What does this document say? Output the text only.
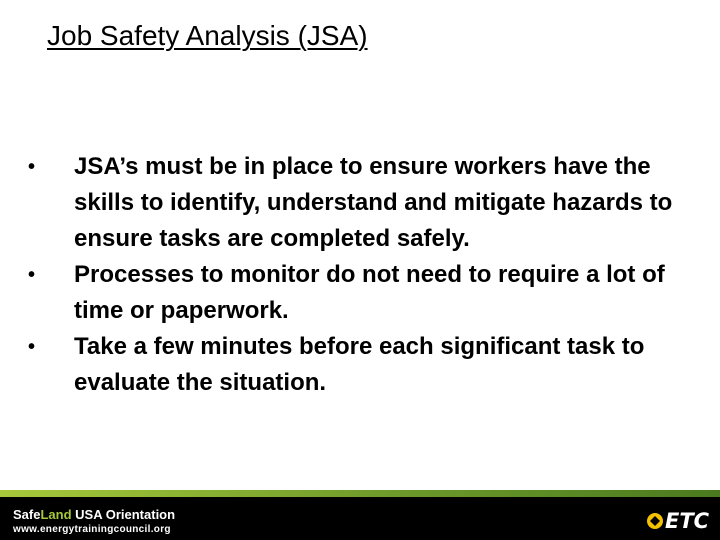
Job Safety Analysis (JSA)
•	JSA’s must be in place to ensure workers have the skills to identify, understand and mitigate hazards to ensure tasks are completed safely.
•	Processes to monitor do not need to require a lot of time or paperwork.
•	Take a few minutes before each significant task to evaluate the situation.
SafeLand USA Orientation
www.energytrainingcouncil.org	ETC
